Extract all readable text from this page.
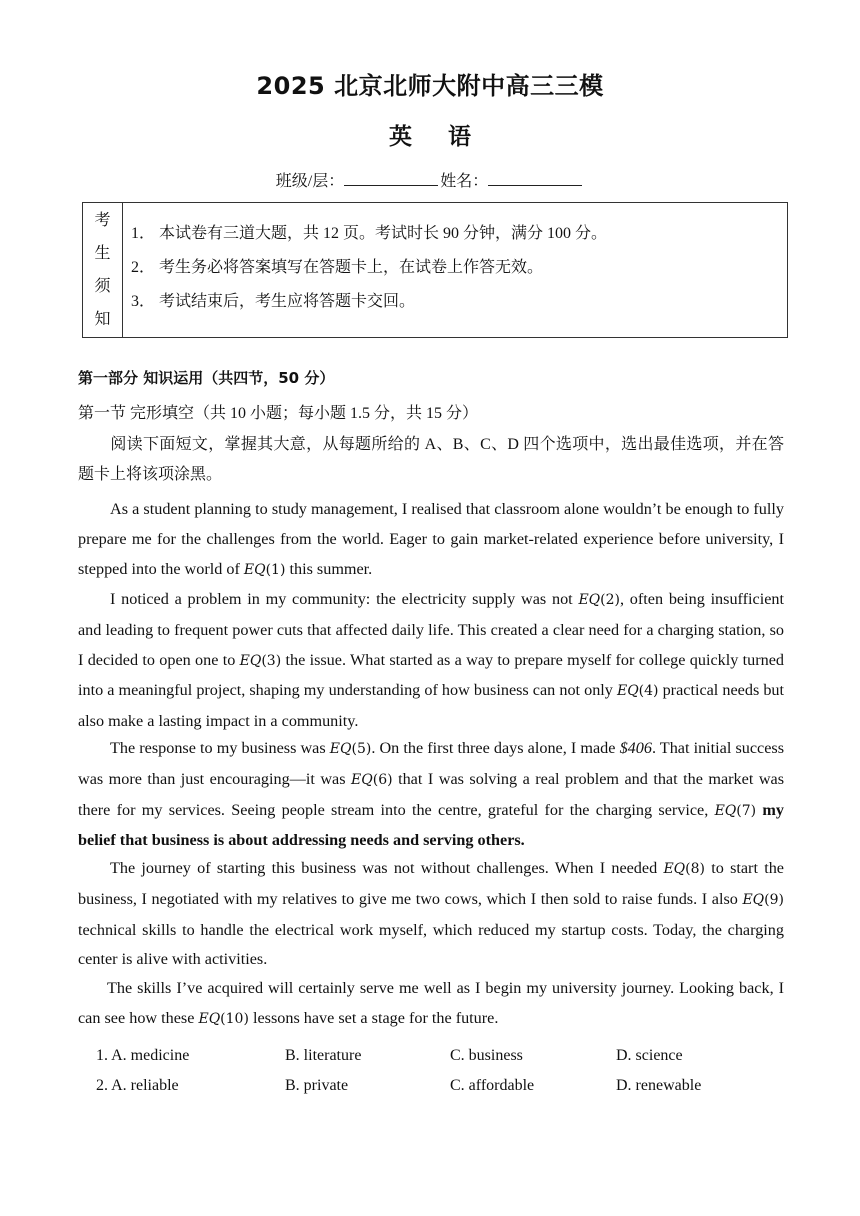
2025 北京北师大附中高三三模
英语
班级/层：	姓名：
考
生
须
知
1． 本试卷有三道大题，共 12 页。考试时长 90 分钟，满分 100 分。
2． 考生务必将答案填写在答题卡上，在试卷上作答无效。
3． 考试结束后，考生应将答题卡交回。
第一部分 知识运用（共四节，50 分）
第一节 完形填空（共 10 小题；每小题 1.5 分，共 15 分）
阅读下面短文，掌握其大意，从每题所给的 A、B、C、D 四个选项中，选出最佳选项，并在答题卡上将该项涂黑。
As a student planning to study management, I realised that classroom alone wouldn’t be enough to fully prepare me for the challenges from the world. Eager to gain market-related experience before university, I stepped into the world of EQ(1) this summer.
I noticed a problem in my community: the electricity supply was not EQ(2), often being insufficient and leading to frequent power cuts that affected daily life. This created a clear need for a charging station, so I decided to open one to EQ(3) the issue. What started as a way to prepare myself for college quickly turned into a meaningful project, shaping my understanding of how business can not only EQ(4) practical needs but also make a lasting impact in a community.
The response to my business was EQ(5). On the first three days alone, I made $406. That initial success was more than just encouraging—it was EQ(6) that I was solving a real problem and that the market was there for my services. Seeing people stream into the centre, grateful for the charging service, EQ(7) my belief that business is about addressing needs and serving others.
The journey of starting this business was not without challenges. When I needed EQ(8) to start the business, I negotiated with my relatives to give me two cows, which I then sold to raise funds. I also EQ(9) technical skills to handle the electrical work myself, which reduced my startup costs. Today, the charging center is alive with activities.
The skills I’ve acquired will certainly serve me well as I begin my university journey. Looking back, I can see how these EQ(10) lessons have set a stage for the future.
1. A. medicine	B. literature	C. business	D. science
2. A. reliable	B. private	C. affordable	D. renewable
